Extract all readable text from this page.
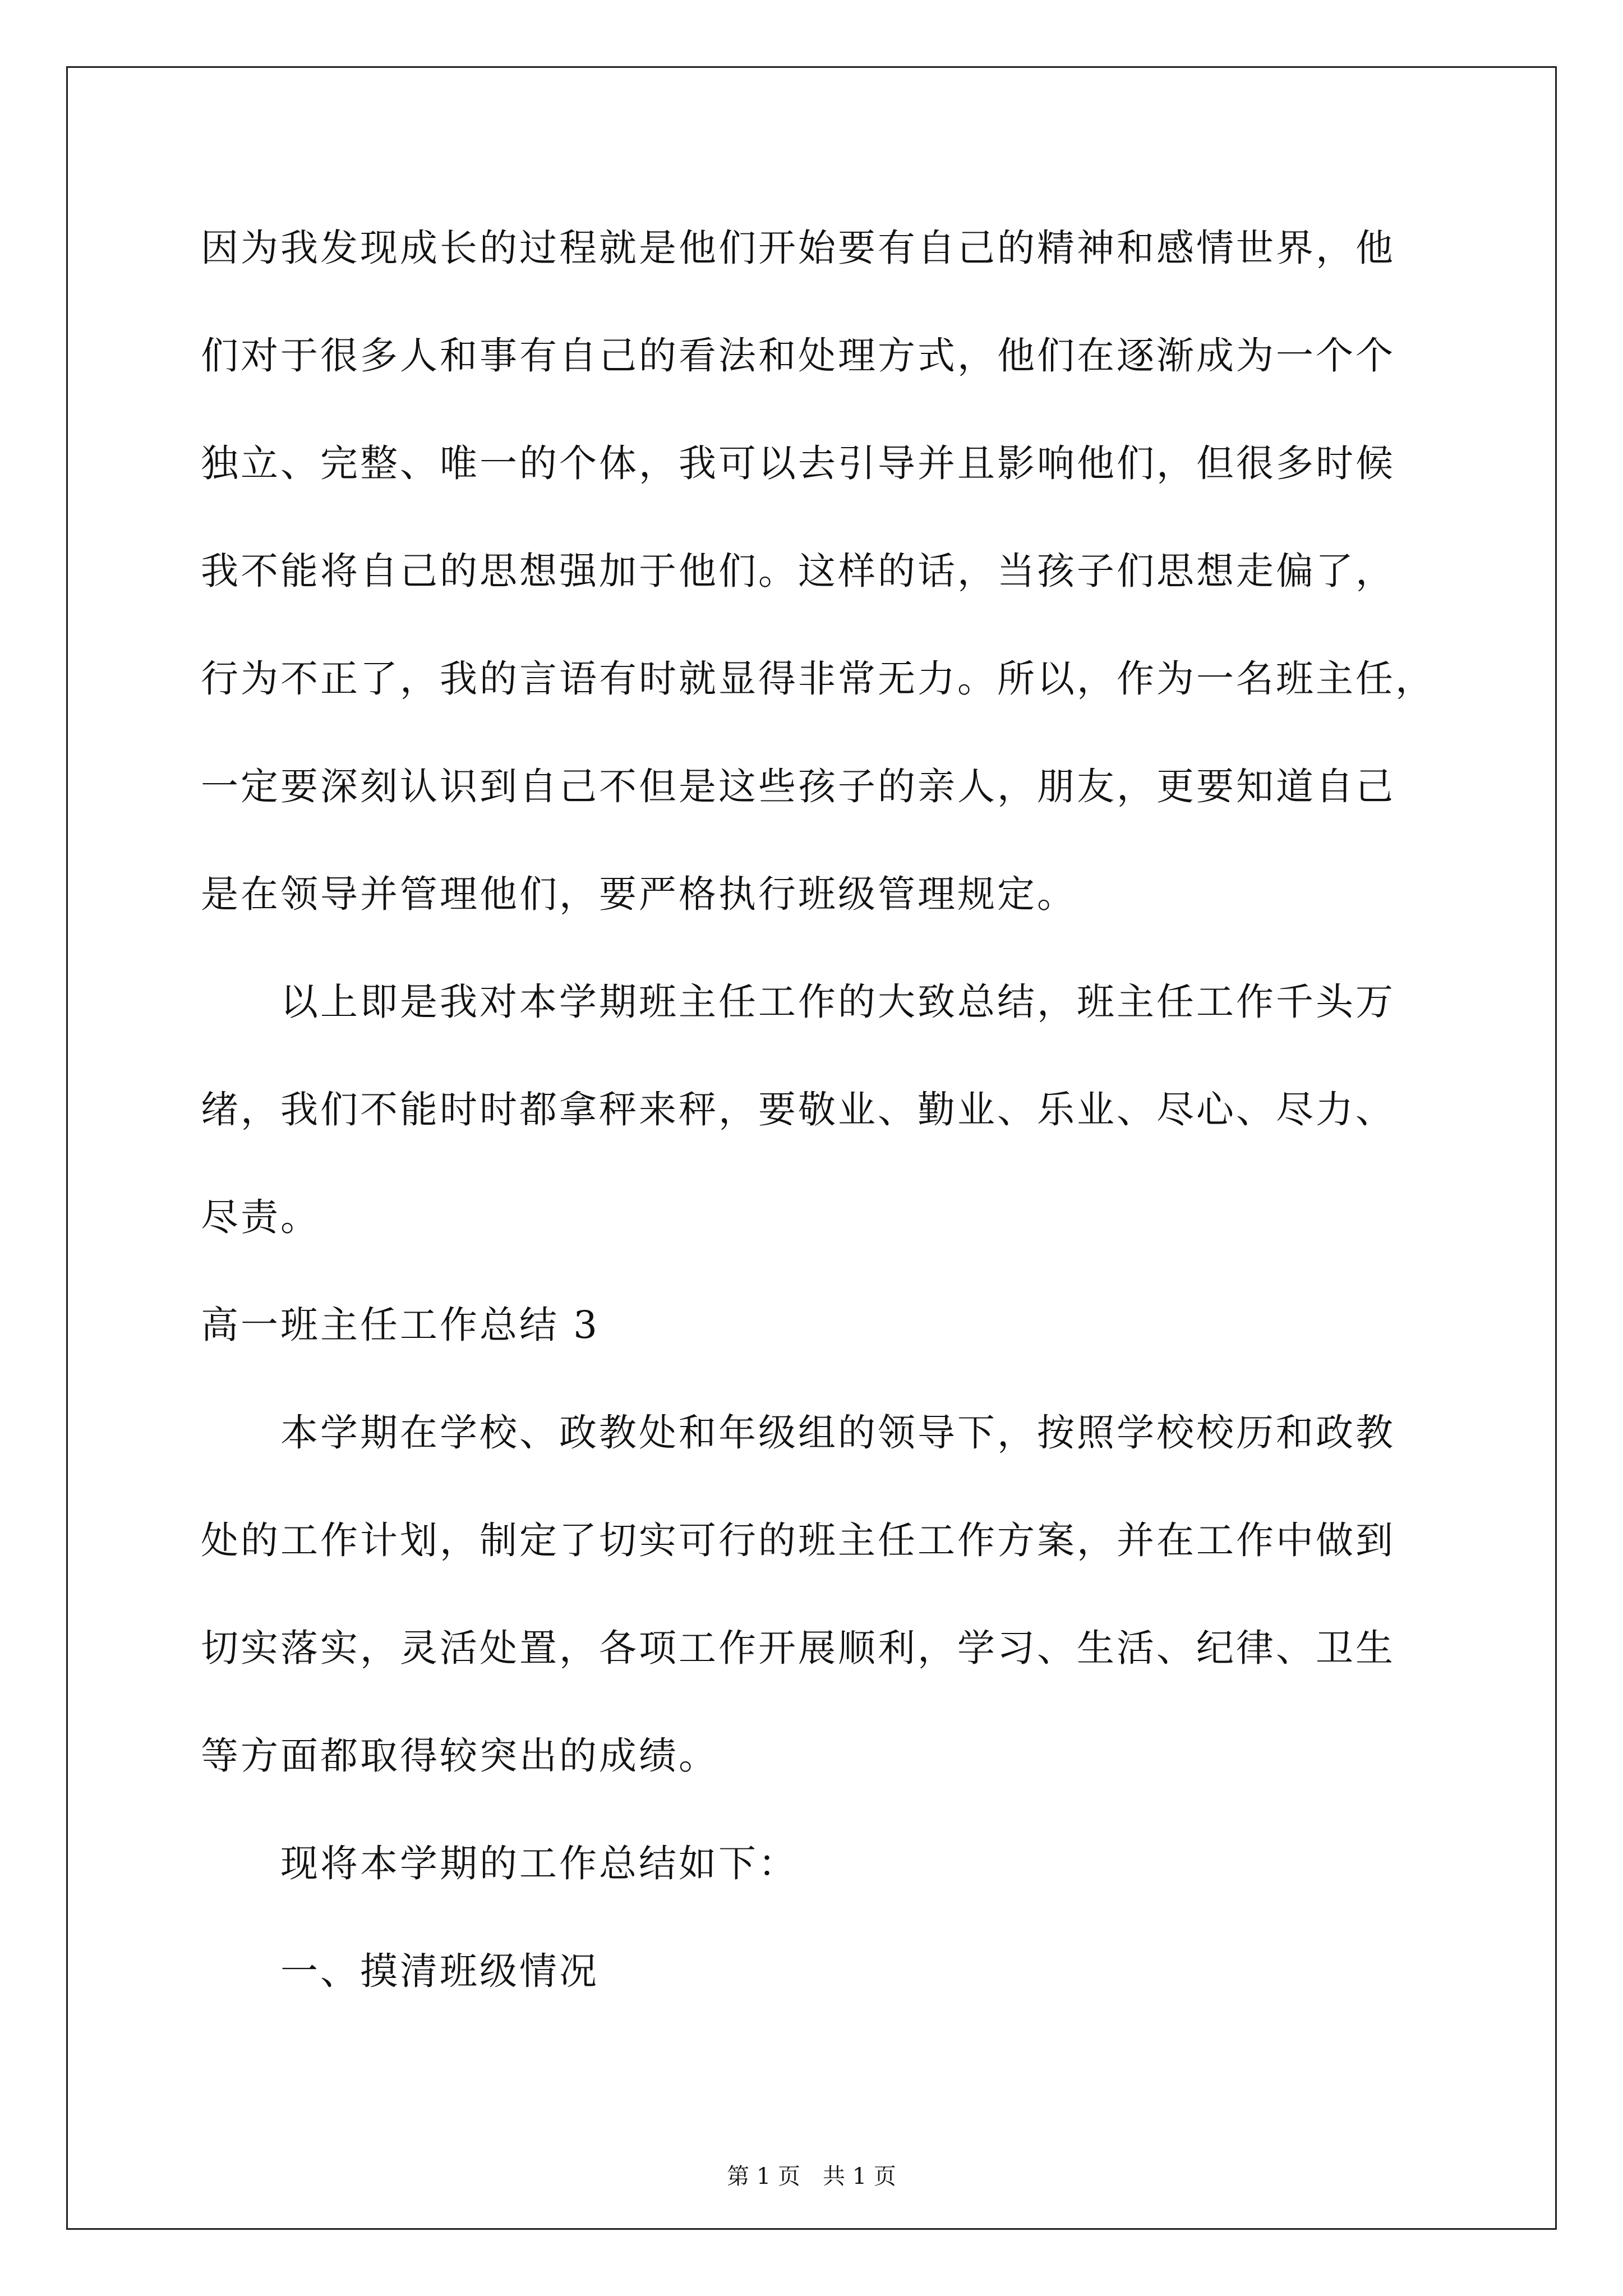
因为我发现成长的过程就是他们开始要有自己的精神和感情世界，他
们对于很多人和事有自己的看法和处理方式，他们在逐渐成为一个个
独立、完整、唯一的个体，我可以去引导并且影响他们，但很多时候
我不能将自己的思想强加于他们。这样的话，当孩子们思想走偏了，
行为不正了，我的言语有时就显得非常无力。所以，作为一名班主任，
一定要深刻认识到自己不但是这些孩子的亲人，朋友，更要知道自己
是在领导并管理他们，要严格执行班级管理规定。
　　以上即是我对本学期班主任工作的大致总结，班主任工作千头万
绪，我们不能时时都拿秤来秤，要敬业、勤业、乐业、尽心、尽力、
尽责。
高一班主任工作总结 3
　　本学期在学校、政教处和年级组的领导下，按照学校校历和政教
处的工作计划，制定了切实可行的班主任工作方案，并在工作中做到
切实落实，灵活处置，各项工作开展顺利，学习、生活、纪律、卫生
等方面都取得较突出的成绩。
　　现将本学期的工作总结如下：
　　一、摸清班级情况
第 1 页　共 1 页
